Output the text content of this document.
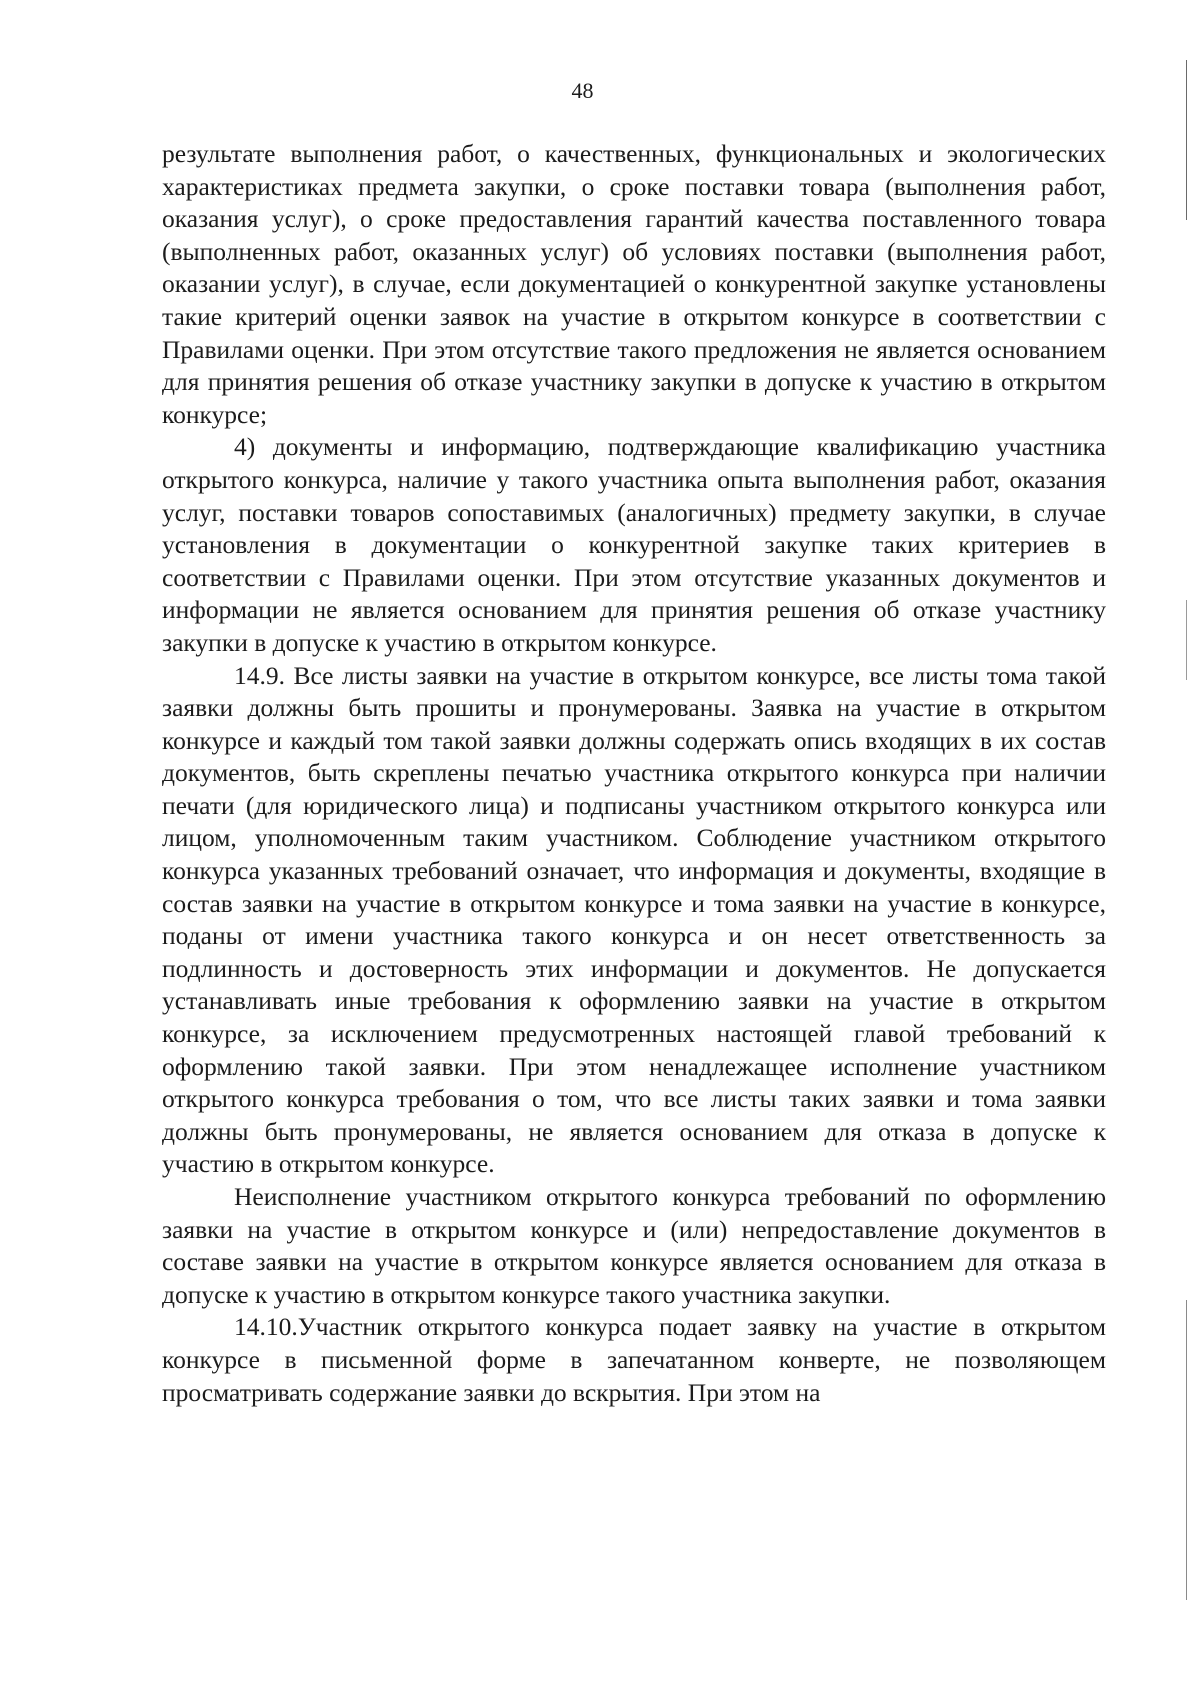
48

результате выполнения работ, о качественных, функциональных и экологических характеристиках предмета закупки, о сроке поставки товара (выполнения работ, оказания услуг), о сроке предоставления гарантий качества поставленного товара (выполненных работ, оказанных услуг) об условиях поставки (выполнения работ, оказании услуг), в случае, если документацией о конкурентной закупке установлены такие критерий оценки заявок на участие в открытом конкурсе в соответствии с Правилами оценки. При этом отсутствие такого предложения не является основанием для принятия решения об отказе участнику закупки в допуске к участию в открытом конкурсе;

4) документы и информацию, подтверждающие квалификацию участника открытого конкурса, наличие у такого участника опыта выполнения работ, оказания услуг, поставки товаров сопоставимых (аналогичных) предмету закупки, в случае установления в документации о конкурентной закупке таких критериев в соответствии с Правилами оценки. При этом отсутствие указанных документов и информации не является основанием для принятия решения об отказе участнику закупки в допуске к участию в открытом конкурсе.

14.9. Все листы заявки на участие в открытом конкурсе, все листы тома такой заявки должны быть прошиты и пронумерованы. Заявка на участие в открытом конкурсе и каждый том такой заявки должны содержать опись входящих в их состав документов, быть скреплены печатью участника открытого конкурса при наличии печати (для юридического лица) и подписаны участником открытого конкурса или лицом, уполномоченным таким участником. Соблюдение участником открытого конкурса указанных требований означает, что информация и документы, входящие в состав заявки на участие в открытом конкурсе и тома заявки на участие в конкурсе, поданы от имени участника такого конкурса и он несет ответственность за подлинность и достоверность этих информации и документов. Не допускается устанавливать иные требования к оформлению заявки на участие в открытом конкурсе, за исключением предусмотренных настоящей главой требований к оформлению такой заявки. При этом ненадлежащее исполнение участником открытого конкурса требования о том, что все листы таких заявки и тома заявки должны быть пронумерованы, не является основанием для отказа в допуске к участию в открытом конкурсе.

Неисполнение участником открытого конкурса требований по оформлению заявки на участие в открытом конкурсе и (или) непредоставление документов в составе заявки на участие в открытом конкурсе является основанием для отказа в допуске к участию в открытом конкурсе такого участника закупки.

14.10.Участник открытого конкурса подает заявку на участие в открытом конкурсе в письменной форме в запечатанном конверте, не позволяющем просматривать содержание заявки до вскрытия. При этом на
